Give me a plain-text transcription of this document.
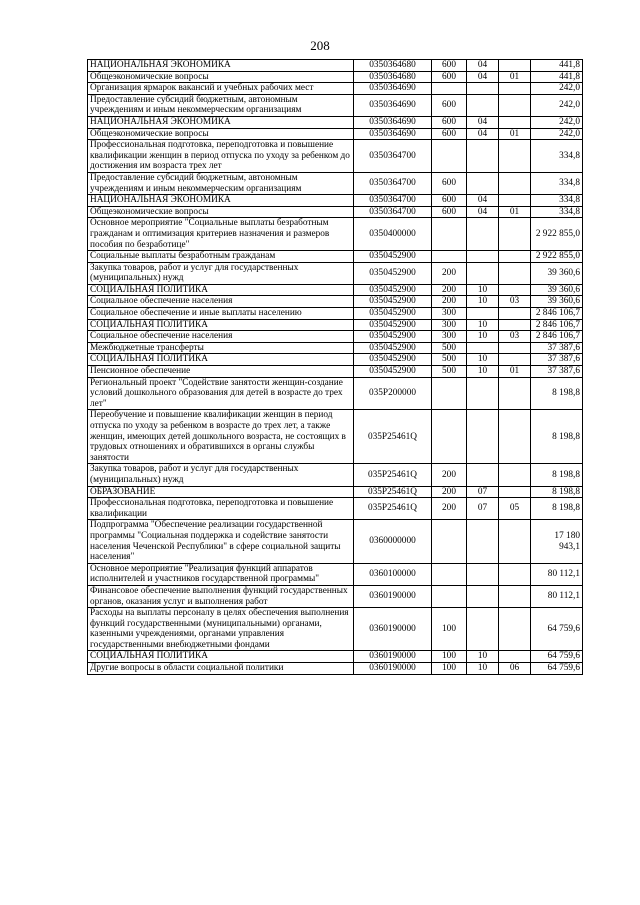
208
НАЦИОНАЛЬНАЯ ЭКОНОМИКА	0350364680	600	04		441,8
Общеэкономические вопросы	0350364680	600	04	01	441,8
Организация ярмарок вакансий и учебных рабочих мест	0350364690				242,0
Предоставление субсидий бюджетным, автономным учреждениям и иным некоммерческим организациям	0350364690	600			242,0
НАЦИОНАЛЬНАЯ ЭКОНОМИКА	0350364690	600	04		242,0
Общеэкономические вопросы	0350364690	600	04	01	242,0
Профессиональная подготовка, переподготовка и повышение квалификации женщин в период отпуска по уходу за ребенком до достижения им возраста трех лет	0350364700				334,8
Предоставление субсидий бюджетным, автономным учреждениям и иным некоммерческим организациям	0350364700	600			334,8
НАЦИОНАЛЬНАЯ ЭКОНОМИКА	0350364700	600	04		334,8
Общеэкономические вопросы	0350364700	600	04	01	334,8
Основное мероприятие "Социальные выплаты безработным гражданам и оптимизация критериев назначения и размеров пособия по безработице"	0350400000				2 922 855,0
Социальные выплаты безработным гражданам	0350452900				2 922 855,0
Закупка товаров, работ и услуг для государственных (муниципальных) нужд	0350452900	200			39 360,6
СОЦИАЛЬНАЯ ПОЛИТИКА	0350452900	200	10		39 360,6
Социальное обеспечение населения	0350452900	200	10	03	39 360,6
Социальное обеспечение и иные выплаты населению	0350452900	300			2 846 106,7
СОЦИАЛЬНАЯ ПОЛИТИКА	0350452900	300	10		2 846 106,7
Социальное обеспечение населения	0350452900	300	10	03	2 846 106,7
Межбюджетные трансферты	0350452900	500			37 387,6
СОЦИАЛЬНАЯ ПОЛИТИКА	0350452900	500	10		37 387,6
Пенсионное обеспечение	0350452900	500	10	01	37 387,6
Региональный проект "Содействие занятости женщин-создание условий дошкольного образования для детей в возрасте до трех лет"	035P200000				8 198,8
Переобучение и повышение квалификации женщин в период отпуска по уходу за ребенком в возрасте до трех лет, а также женщин, имеющих детей дошкольного возраста, не состоящих в трудовых отношениях и обратившихся в органы службы занятости	035P25461Q				8 198,8
Закупка товаров, работ и услуг для государственных (муниципальных) нужд	035P25461Q	200			8 198,8
ОБРАЗОВАНИЕ	035P25461Q	200	07		8 198,8
Профессиональная подготовка, переподготовка и повышение квалификации	035P25461Q	200	07	05	8 198,8
Подпрограмма "Обеспечение реализации государственной программы "Социальная поддержка и содействие занятости населения Чеченской Республики" в сфере социальной защиты населения"	0360000000				17 180 943,1
Основное мероприятие "Реализация функций аппаратов исполнителей и участников государственной программы"	0360100000				80 112,1
Финансовое обеспечение выполнения функций государственных органов, оказания услуг и выполнения работ	0360190000				80 112,1
Расходы на выплаты персоналу в целях обеспечения выполнения функций государственными (муниципальными) органами, казенными учреждениями, органами управления государственными внебюджетными фондами	0360190000	100			64 759,6
СОЦИАЛЬНАЯ ПОЛИТИКА	0360190000	100	10		64 759,6
Другие вопросы в области социальной политики	0360190000	100	10	06	64 759,6
